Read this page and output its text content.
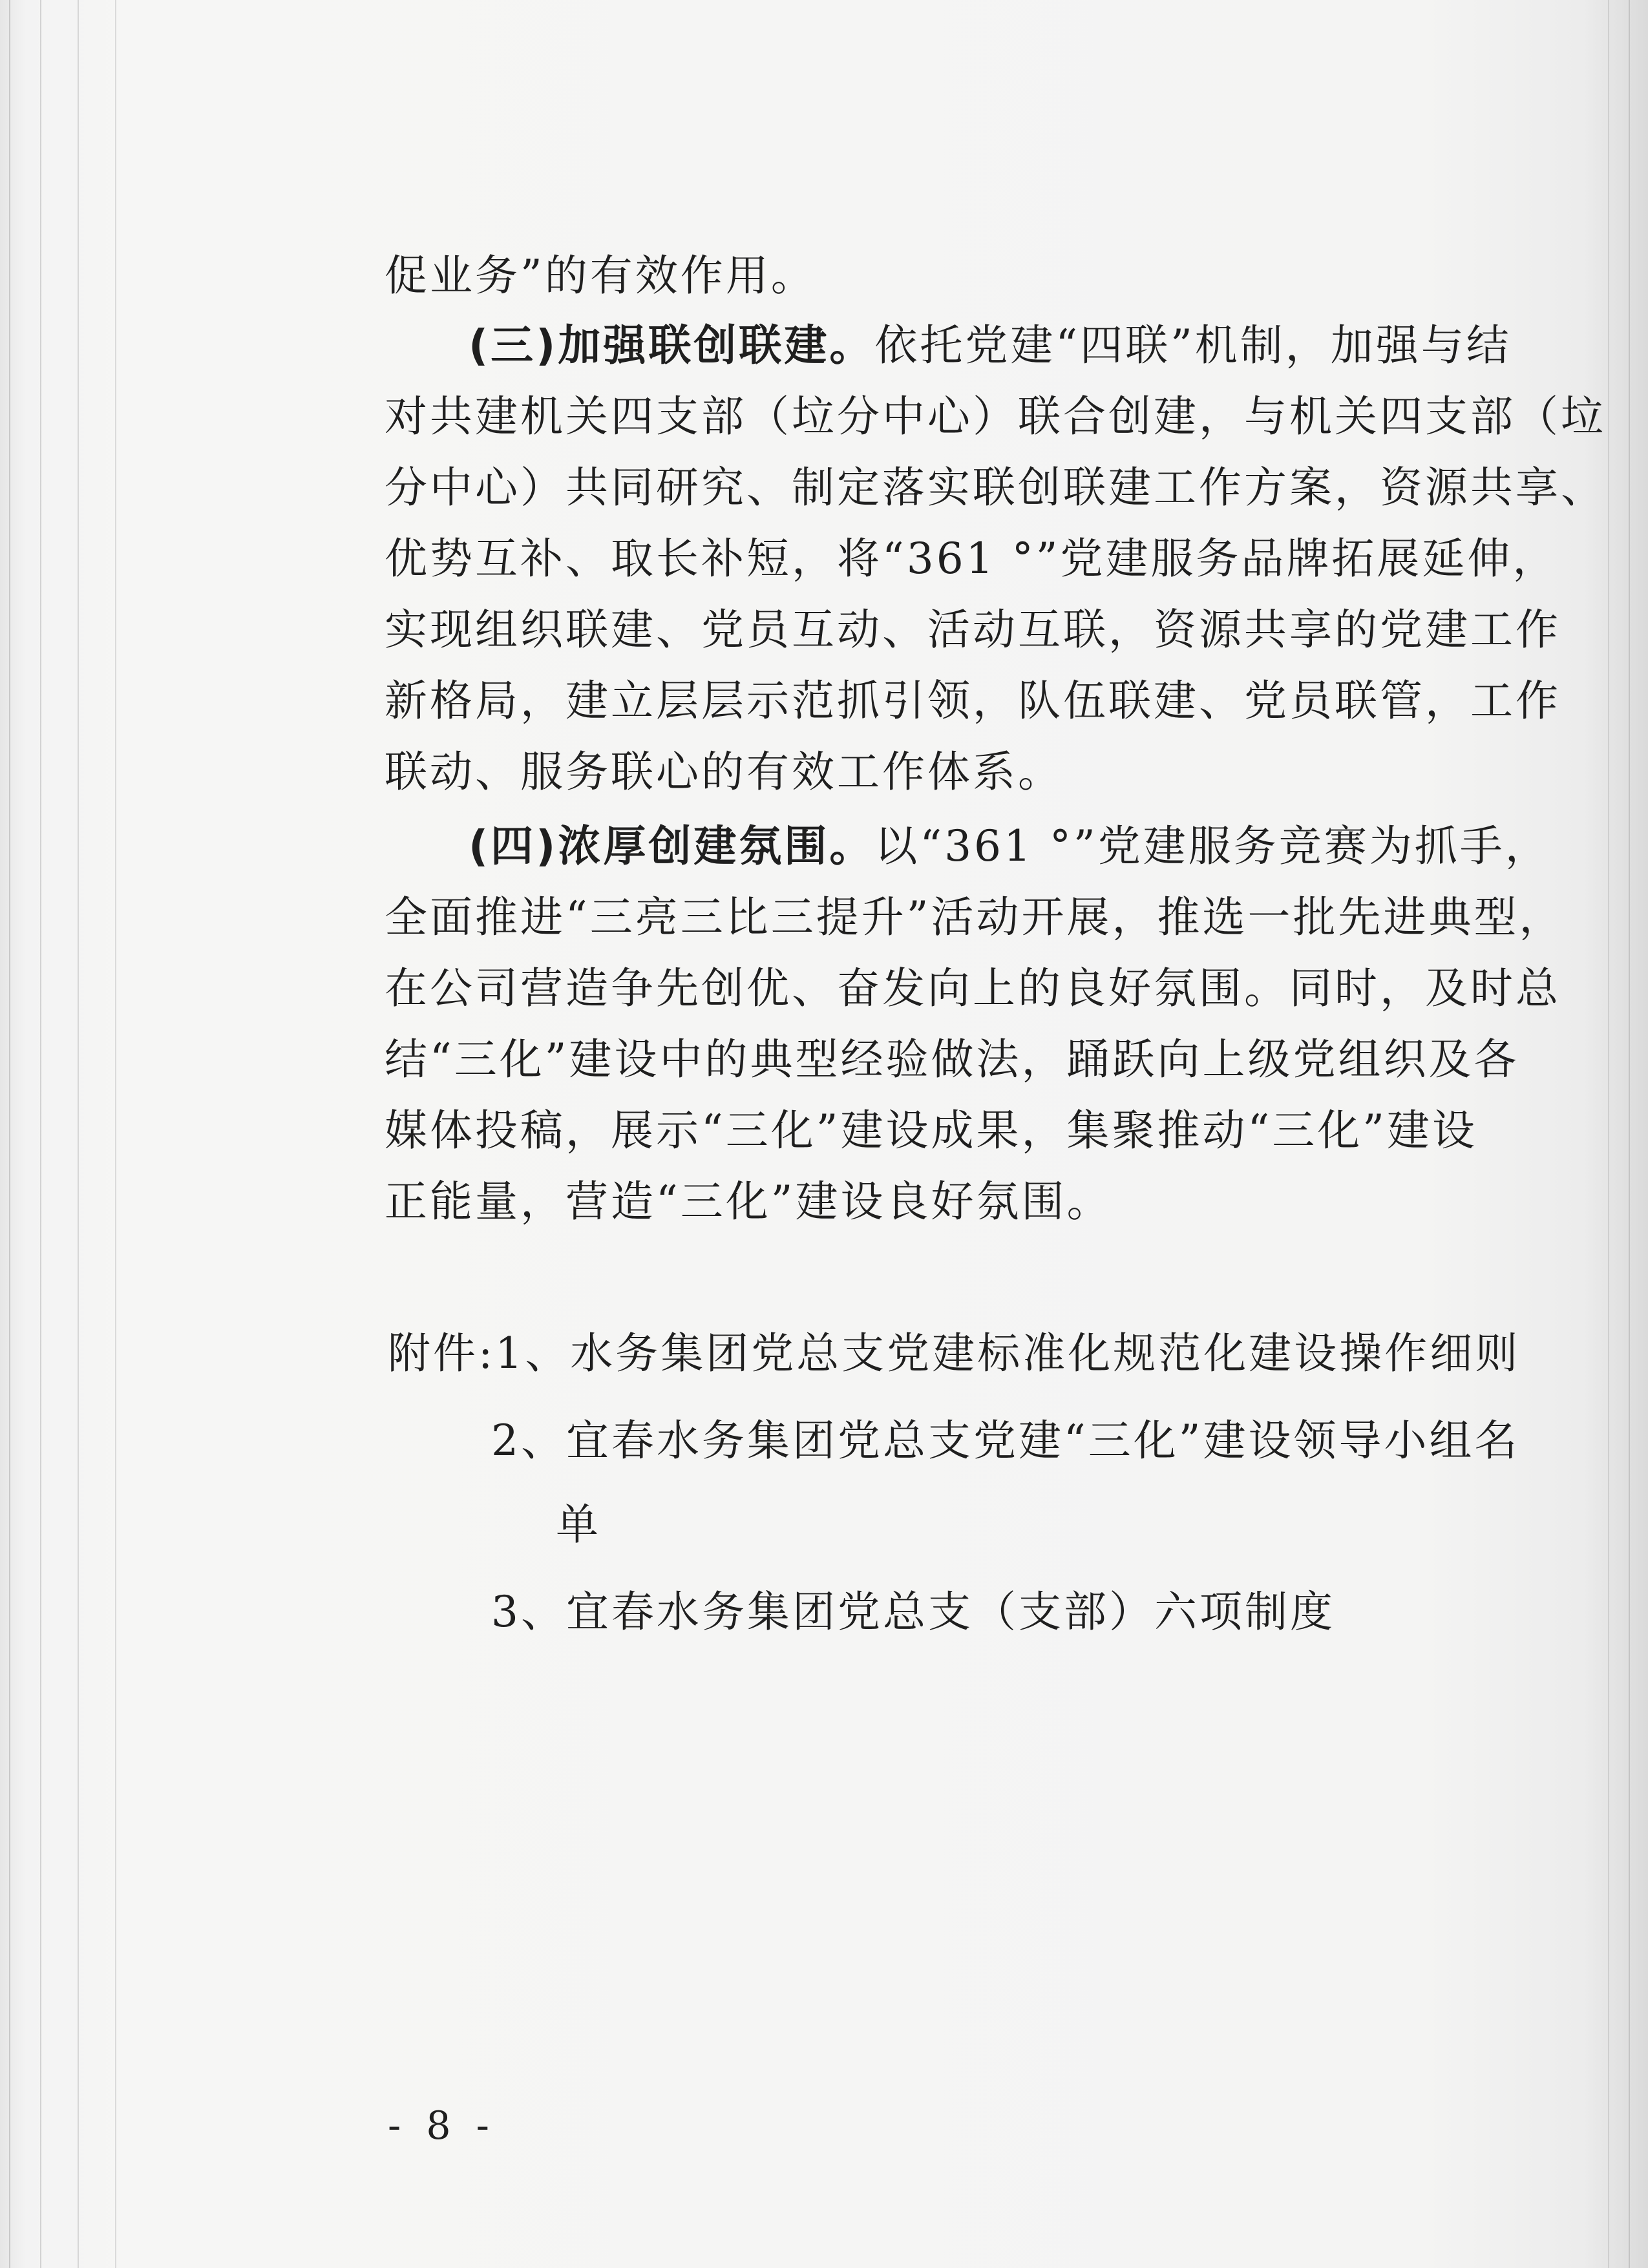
促业务”的有效作用。
(三)加强联创联建。依托党建“四联”机制，加强与结
对共建机关四支部（垃分中心）联合创建，与机关四支部（垃
分中心）共同研究、制定落实联创联建工作方案，资源共享、
优势互补、取长补短，将“361 °”党建服务品牌拓展延伸，
实现组织联建、党员互动、活动互联，资源共享的党建工作
新格局，建立层层示范抓引领，队伍联建、党员联管，工作
联动、服务联心的有效工作体系。
(四)浓厚创建氛围。以“361 °”党建服务竞赛为抓手，
全面推进“三亮三比三提升”活动开展，推选一批先进典型，
在公司营造争先创优、奋发向上的良好氛围。同时，及时总
结“三化”建设中的典型经验做法，踊跃向上级党组织及各
媒体投稿，展示“三化”建设成果，集聚推动“三化”建设
正能量，营造“三化”建设良好氛围。
附件:1、水务集团党总支党建标准化规范化建设操作细则
2、宜春水务集团党总支党建“三化”建设领导小组名
单
3、宜春水务集团党总支（支部）六项制度
- 8 -
